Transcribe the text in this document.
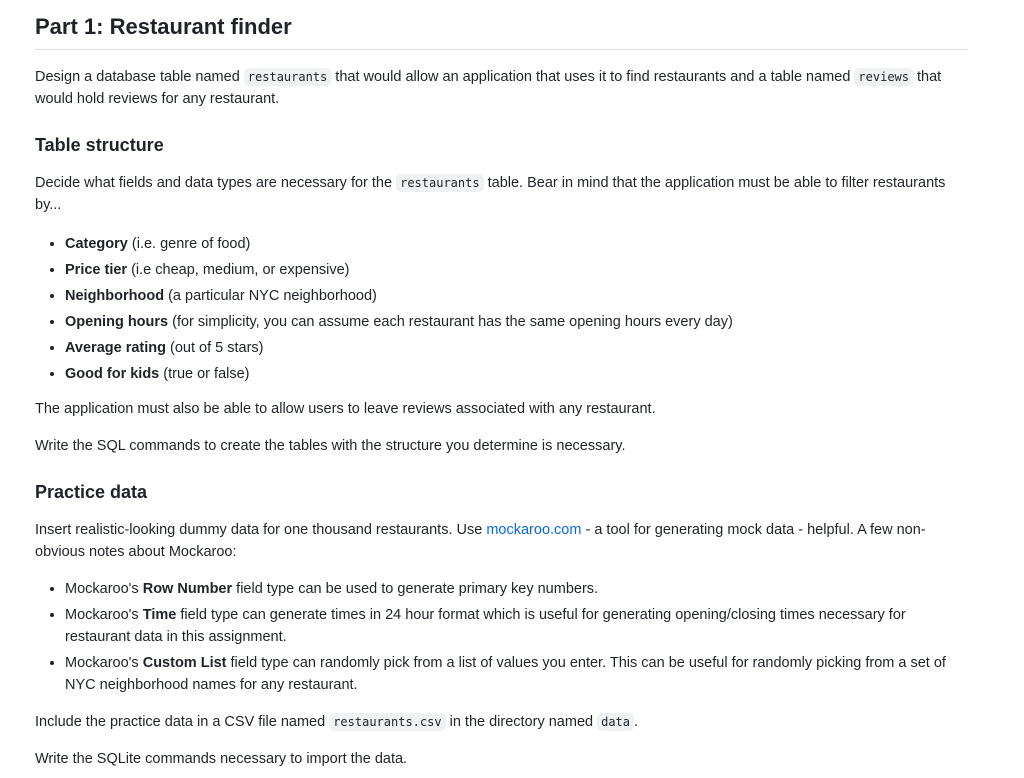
Part 1: Restaurant finder

Design a database table named restaurants that would allow an application that uses it to find restaurants and a table named reviews that would hold reviews for any restaurant.

Table structure

Decide what fields and data types are necessary for the restaurants table. Bear in mind that the application must be able to filter restaurants by...

• Category (i.e. genre of food)
• Price tier (i.e cheap, medium, or expensive)
• Neighborhood (a particular NYC neighborhood)
• Opening hours (for simplicity, you can assume each restaurant has the same opening hours every day)
• Average rating (out of 5 stars)
• Good for kids (true or false)

The application must also be able to allow users to leave reviews associated with any restaurant.

Write the SQL commands to create the tables with the structure you determine is necessary.

Practice data

Insert realistic-looking dummy data for one thousand restaurants. Use mockaroo.com - a tool for generating mock data - helpful. A few non-obvious notes about Mockaroo:

• Mockaroo's Row Number field type can be used to generate primary key numbers.
• Mockaroo's Time field type can generate times in 24 hour format which is useful for generating opening/closing times necessary for restaurant data in this assignment.
• Mockaroo's Custom List field type can randomly pick from a list of values you enter. This can be useful for randomly picking from a set of NYC neighborhood names for any restaurant.

Include the practice data in a CSV file named restaurants.csv in the directory named data .

Write the SQLite commands necessary to import the data.
